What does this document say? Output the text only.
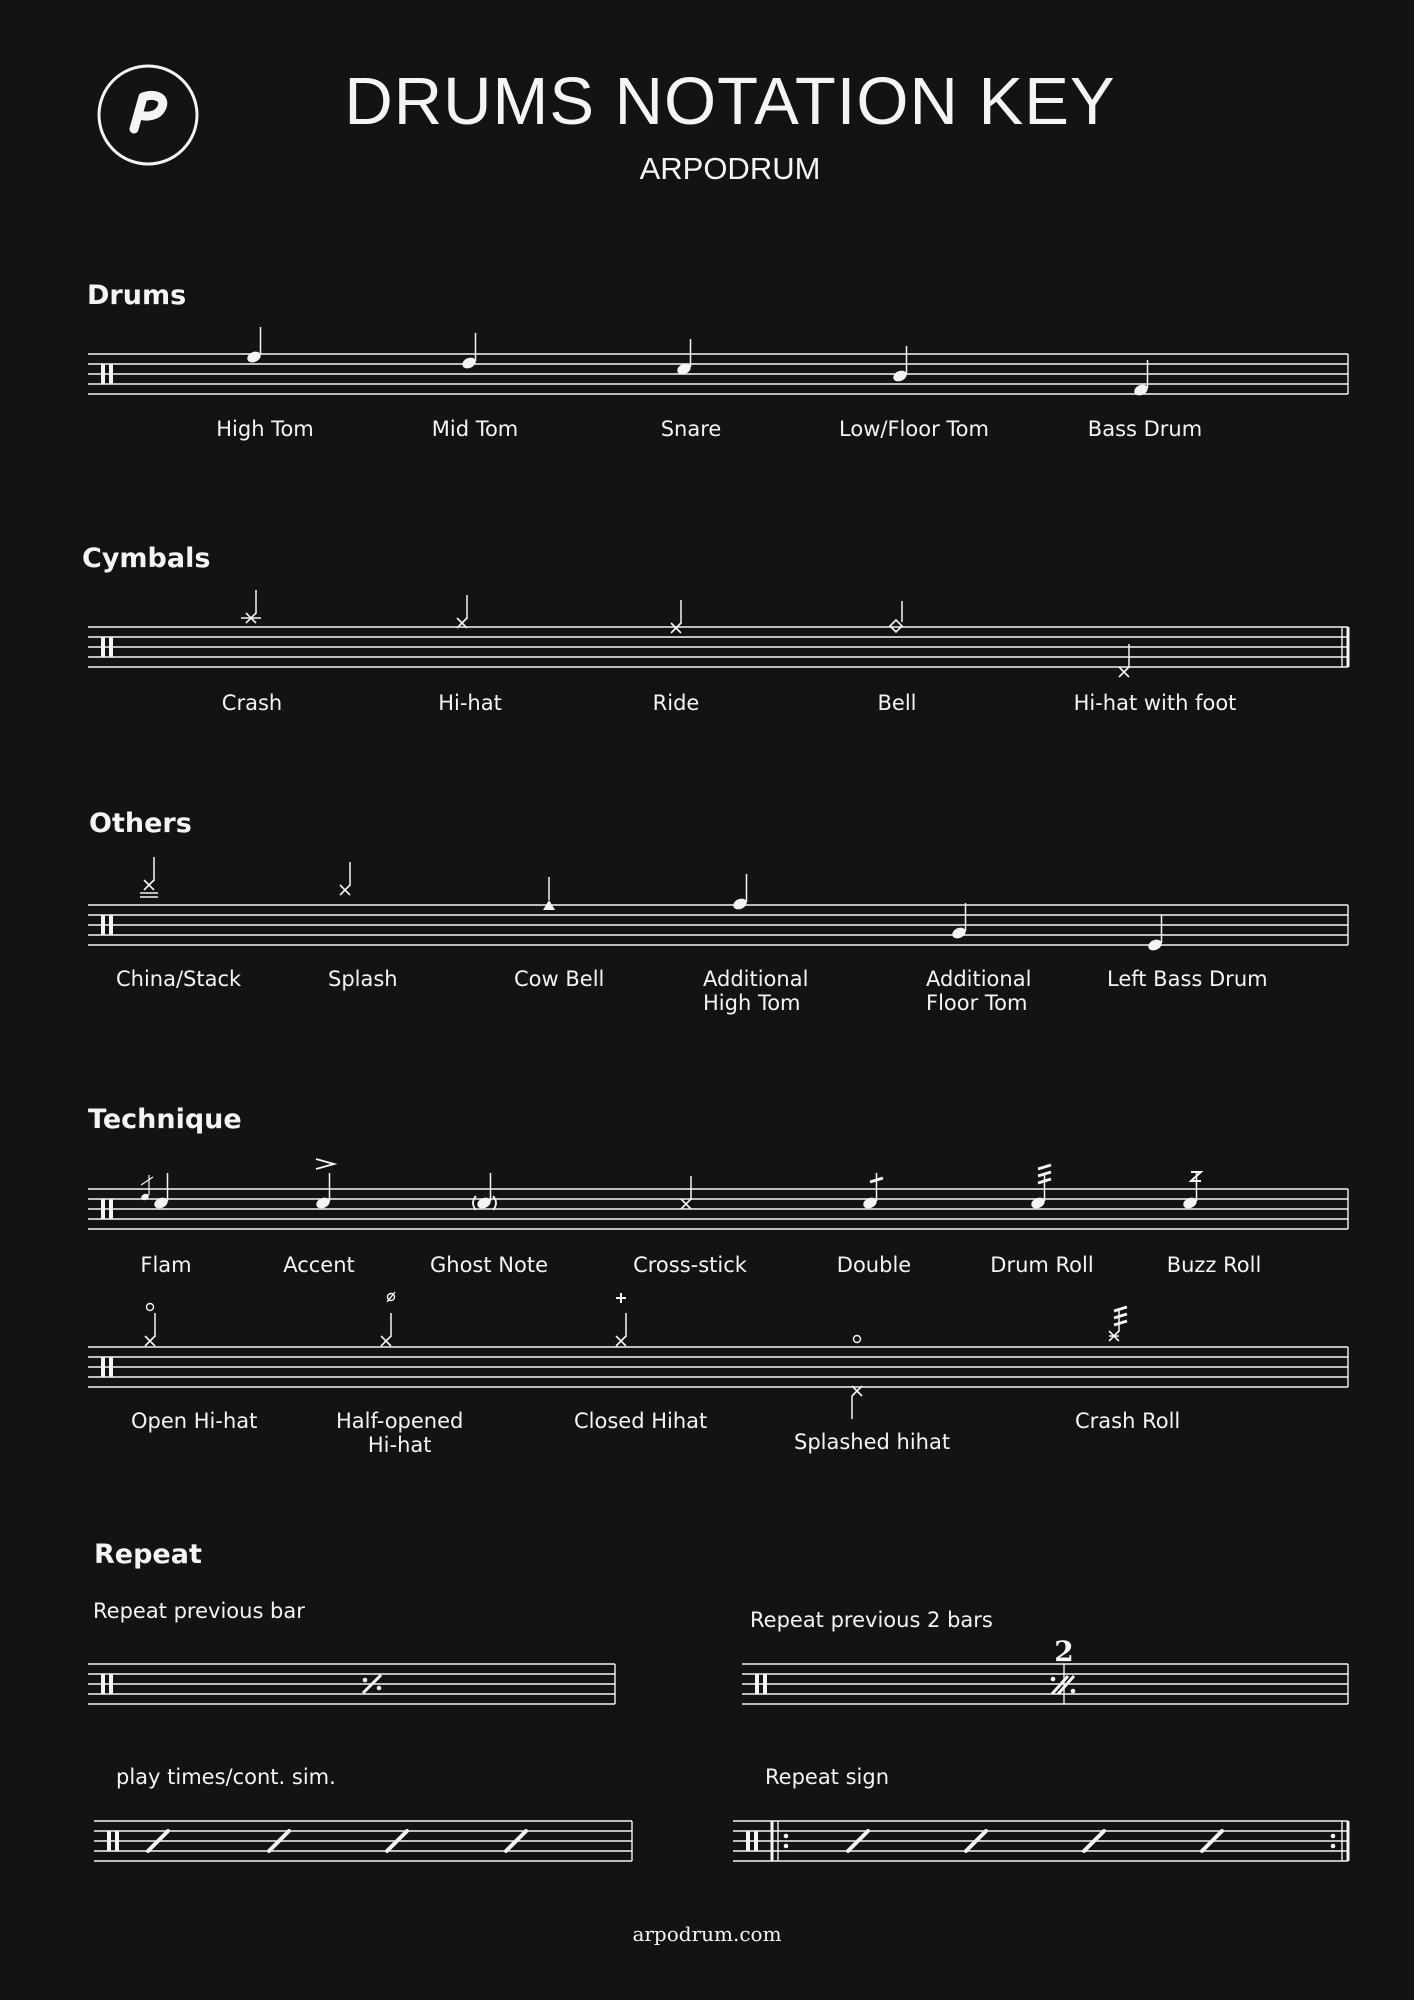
DRUMS NOTATION KEY
ARPODRUM
Drums
Cymbals
Others
Technique
Repeat
High Tom	Mid Tom	Snare	Low/Floor Tom	Bass Drum
Crash	Hi-hat	Ride	Bell	Hi-hat with foot
China/Stack	Splash	Cow Bell	Additional
High Tom
Additional
Floor Tom
Left Bass Drum
Flam	Accent	Ghost Note	Cross-stick	Double	Drum Roll	Buzz Roll
Open Hi-hat	Half-opened
Hi-hat
Closed Hihat
Splashed hihat
Crash Roll
Repeat previous bar	Repeat previous 2 bars
play times/cont. sim.	Repeat sign
arpodrum.com
2
